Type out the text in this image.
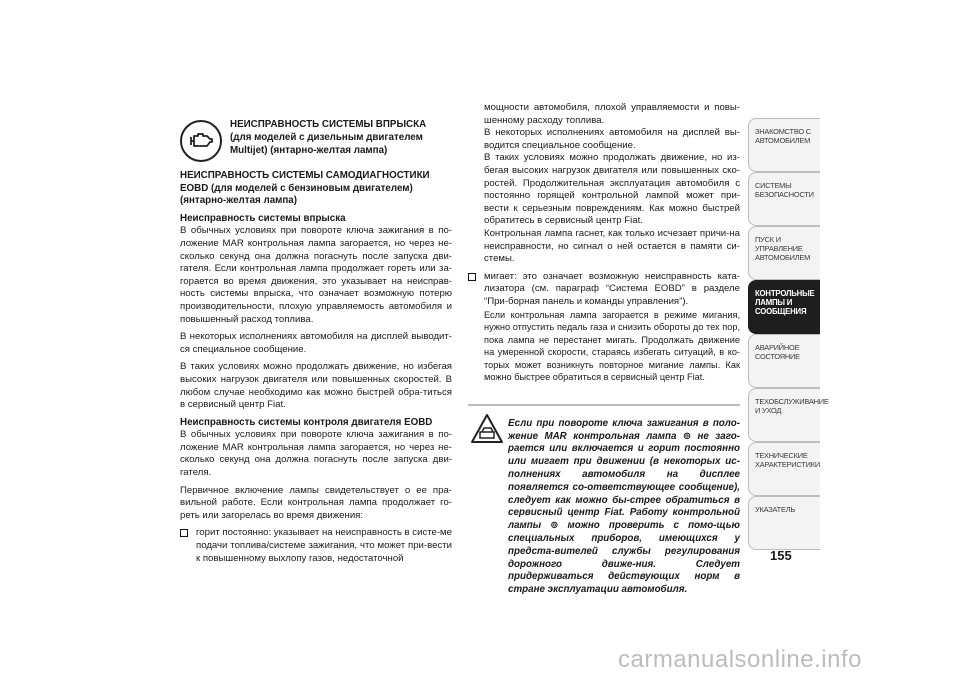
НЕИСПРАВНОСТЬ СИСТЕМЫ ВПРЫСКА
(для моделей с дизельным двигателем
Multijet) (янтарно-желтая лампа)
НЕИСПРАВНОСТЬ СИСТЕМЫ САМОДИАГНОСТИКИ
EOBD (для моделей с бензиновым двигателем)
(янтарно-желтая лампа)
Неисправность системы впрыска

В обычных условиях при повороте ключа зажигания в по-ложение MAR контрольная лампа загорается, но через не-сколько секунд она должна погаснуть после запуска дви-гателя. Если контрольная лампа продолжает гореть или за-горается во время движения, это указывает на неисправ-ность системы впрыска, что означает возможную потерю производительности, плохую управляемость автомобиля и повышенный расход топлива.

В некоторых исполнениях автомобиля на дисплей выводит-ся специальное сообщение.

В таких условиях можно продолжать движение, но избегая высоких нагрузок двигателя или повышенных скоростей. В любом случае необходимо как можно быстрей обра-титься в сервисный центр Fiat.

Неисправность системы контроля двигателя EOBD

В обычных условиях при повороте ключа зажигания в по-ложение MAR контрольная лампа загорается, но через не-сколько секунд она должна погаснуть после запуска дви-гателя.

Первичное включение лампы свидетельствует о ее пра-вильной работе. Если контрольная лампа продолжает го-реть или загорелась во время движения:

горит постоянно: указывает на неисправность в систе-ме подачи топлива/системе зажигания, что может при-вести к повышенному выхлопу газов, недостаточной

мощности автомобиля, плохой управляемости и повы-шенному расходу топлива.

В некоторых исполнениях автомобиля на дисплей вы-водится специальное сообщение.

В таких условиях можно продолжать движение, но из-бегая высоких нагрузок двигателя или повышенных ско-ростей. Продолжительная эксплуатация автомобиля с постоянно горящей контрольной лампой может при-вести к серьезным повреждениям. Как можно быстрей обратитесь в сервисный центр Fiat.

Контрольная лампа гаснет, как только исчезает причи-на неисправности, но сигнал о ней остается в памяти си-стемы.

мигает: это означает возможную неисправность ката-лизатора (см. параграф “Система EOBD” в разделе “При-борная панель и команды управления”).

Если контрольная лампа загорается в режиме мигания, нужно отпустить педаль газа и снизить обороты до тех пор, пока лампа не перестанет мигать. Продолжать движение на умеренной скорости, стараясь избегать ситуаций, в ко-торых может возникнуть повторное мигание лампы. Как можно быстрее обратиться в сервисный центр Fiat.

Если при повороте ключа зажигания в поло-жение MAR контрольная лампа ⊚ не заго-рается или включается и горит постоянно или мигает при движении (в некоторых ис-полнениях автомобиля на дисплее появляется со-ответствующее сообщение), следует как можно бы-стрее обратиться в сервисный центр Fiat. Работу контрольной лампы ⊚ можно проверить с помо-щью специальных приборов, имеющихся у предста-вителей службы регулирования дорожного движе-ния. Следует придерживаться действующих норм в стране эксплуатации автомобиля.

ЗНАКОМСТВО С
АВТОМОБИЛЕМ
СИСТЕМЫ
БЕЗОПАСНОСТИ
ПУСК И УПРАВЛЕНИЕ
АВТОМОБИЛЕМ
КОНТРОЛЬНЫЕ
ЛАМПЫ И
СООБЩЕНИЯ
АВАРИЙНОЕ
СОСТОЯНИЕ
ТЕХОБСЛУЖИВАНИЕ
И УХОД
ТЕХНИЧЕСКИЕ
ХАРАКТЕРИСТИКИ
УКАЗАТЕЛЬ
155
carmanualsonline.info
